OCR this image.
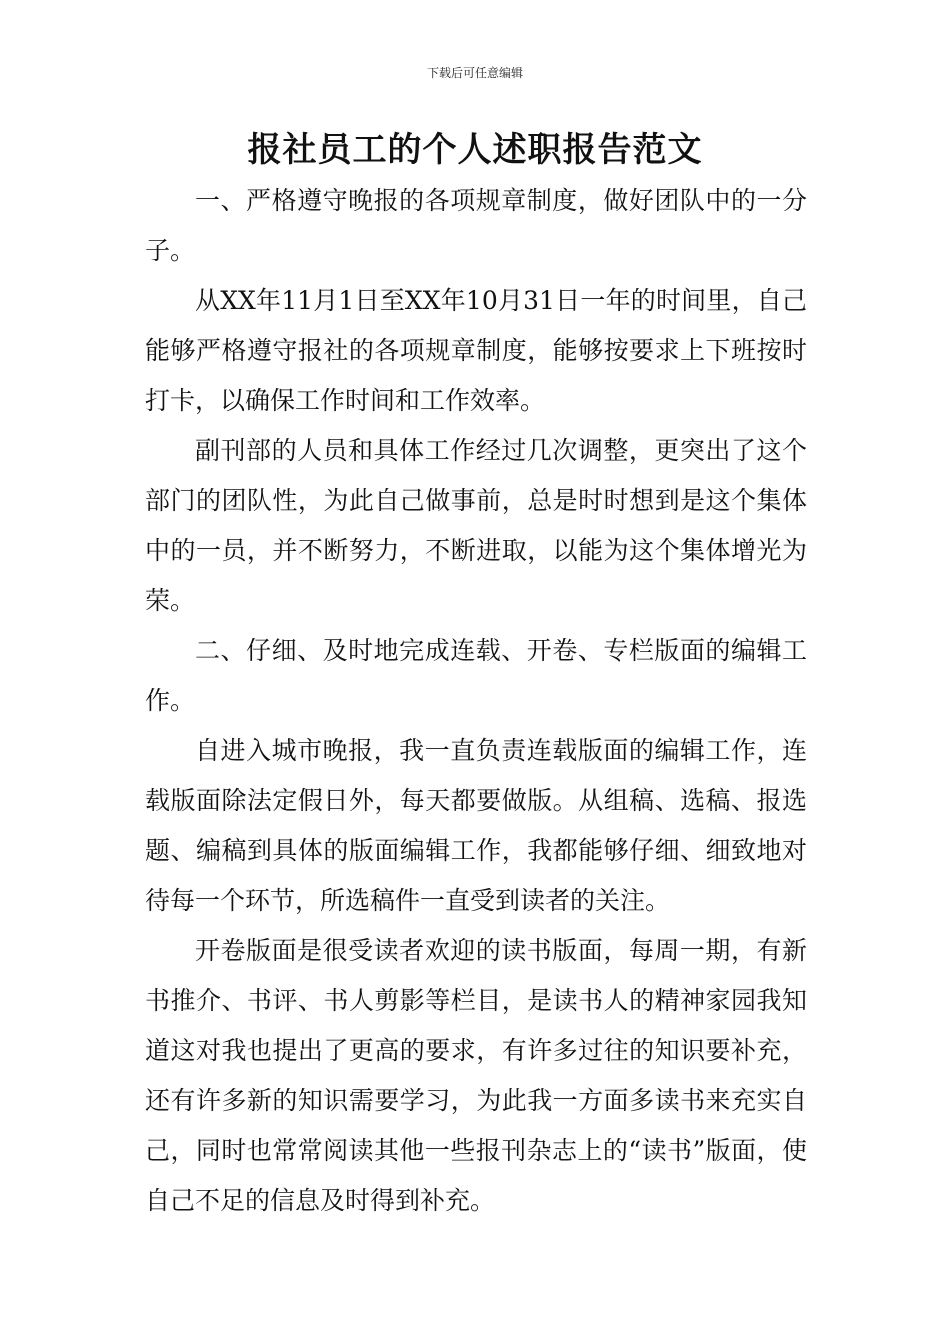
下载后可任意编辑
报社员工的个人述职报告范文

一、严格遵守晚报的各项规章制度，做好团队中的一分子。

从XX年11月1日至XX年10月31日一年的时间里，自己能够严格遵守报社的各项规章制度，能够按要求上下班按时打卡，以确保工作时间和工作效率。

副刊部的人员和具体工作经过几次调整，更突出了这个部门的团队性，为此自己做事前，总是时时想到是这个集体中的一员，并不断努力，不断进取，以能为这个集体增光为荣。

二、仔细、及时地完成连载、开卷、专栏版面的编辑工作。

自进入城市晚报，我一直负责连载版面的编辑工作，连载版面除法定假日外，每天都要做版。从组稿、选稿、报选题、编稿到具体的版面编辑工作，我都能够仔细、细致地对待每一个环节，所选稿件一直受到读者的关注。

开卷版面是很受读者欢迎的读书版面，每周一期，有新书推介、书评、书人剪影等栏目，是读书人的精神家园我知道这对我也提出了更高的要求，有许多过往的知识要补充，还有许多新的知识需要学习，为此我一方面多读书来充实自己，同时也常常阅读其他一些报刊杂志上的“读书”版面，使自己不足的信息及时得到补充。
